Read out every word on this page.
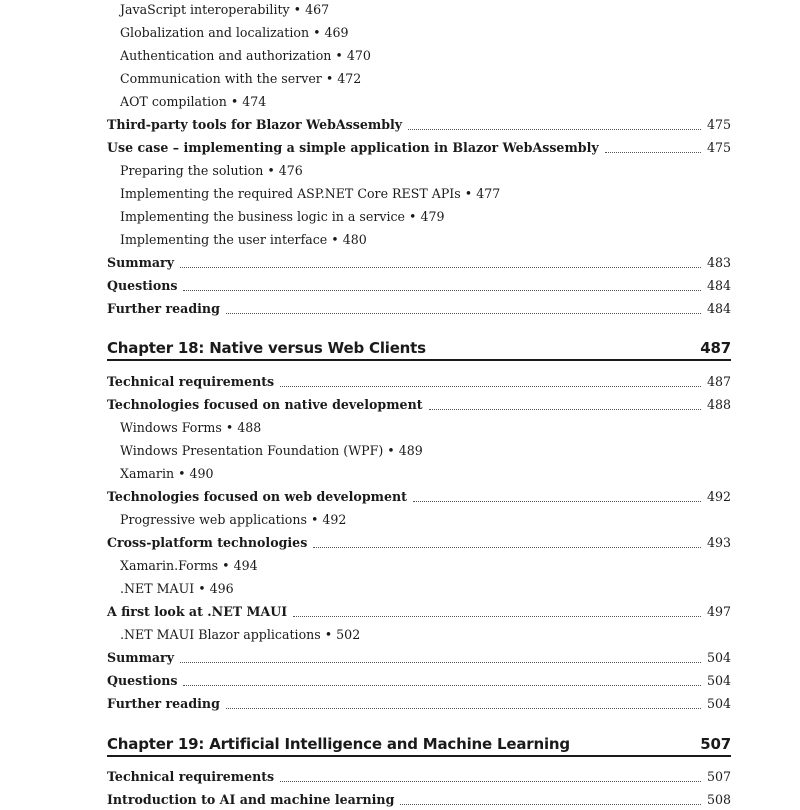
JavaScript interoperability • 467
Globalization and localization • 469
Authentication and authorization • 470
Communication with the server • 472
AOT compilation • 474
Third-party tools for Blazor WebAssembly	475
Use case – implementing a simple application in Blazor WebAssembly	475
Preparing the solution • 476
Implementing the required ASP.NET Core REST APIs • 477
Implementing the business logic in a service • 479
Implementing the user interface • 480
Summary	483
Questions	484
Further reading	484
Chapter 18: Native versus Web Clients	487
Technical requirements	487
Technologies focused on native development	488
Windows Forms • 488
Windows Presentation Foundation (WPF) • 489
Xamarin • 490
Technologies focused on web development	492
Progressive web applications • 492
Cross-platform technologies	493
Xamarin.Forms • 494
.NET MAUI • 496
A first look at .NET MAUI	497
.NET MAUI Blazor applications • 502
Summary	504
Questions	504
Further reading	504
Chapter 19: Artificial Intelligence and Machine Learning	507
Technical requirements	507
Introduction to AI and machine learning	508
